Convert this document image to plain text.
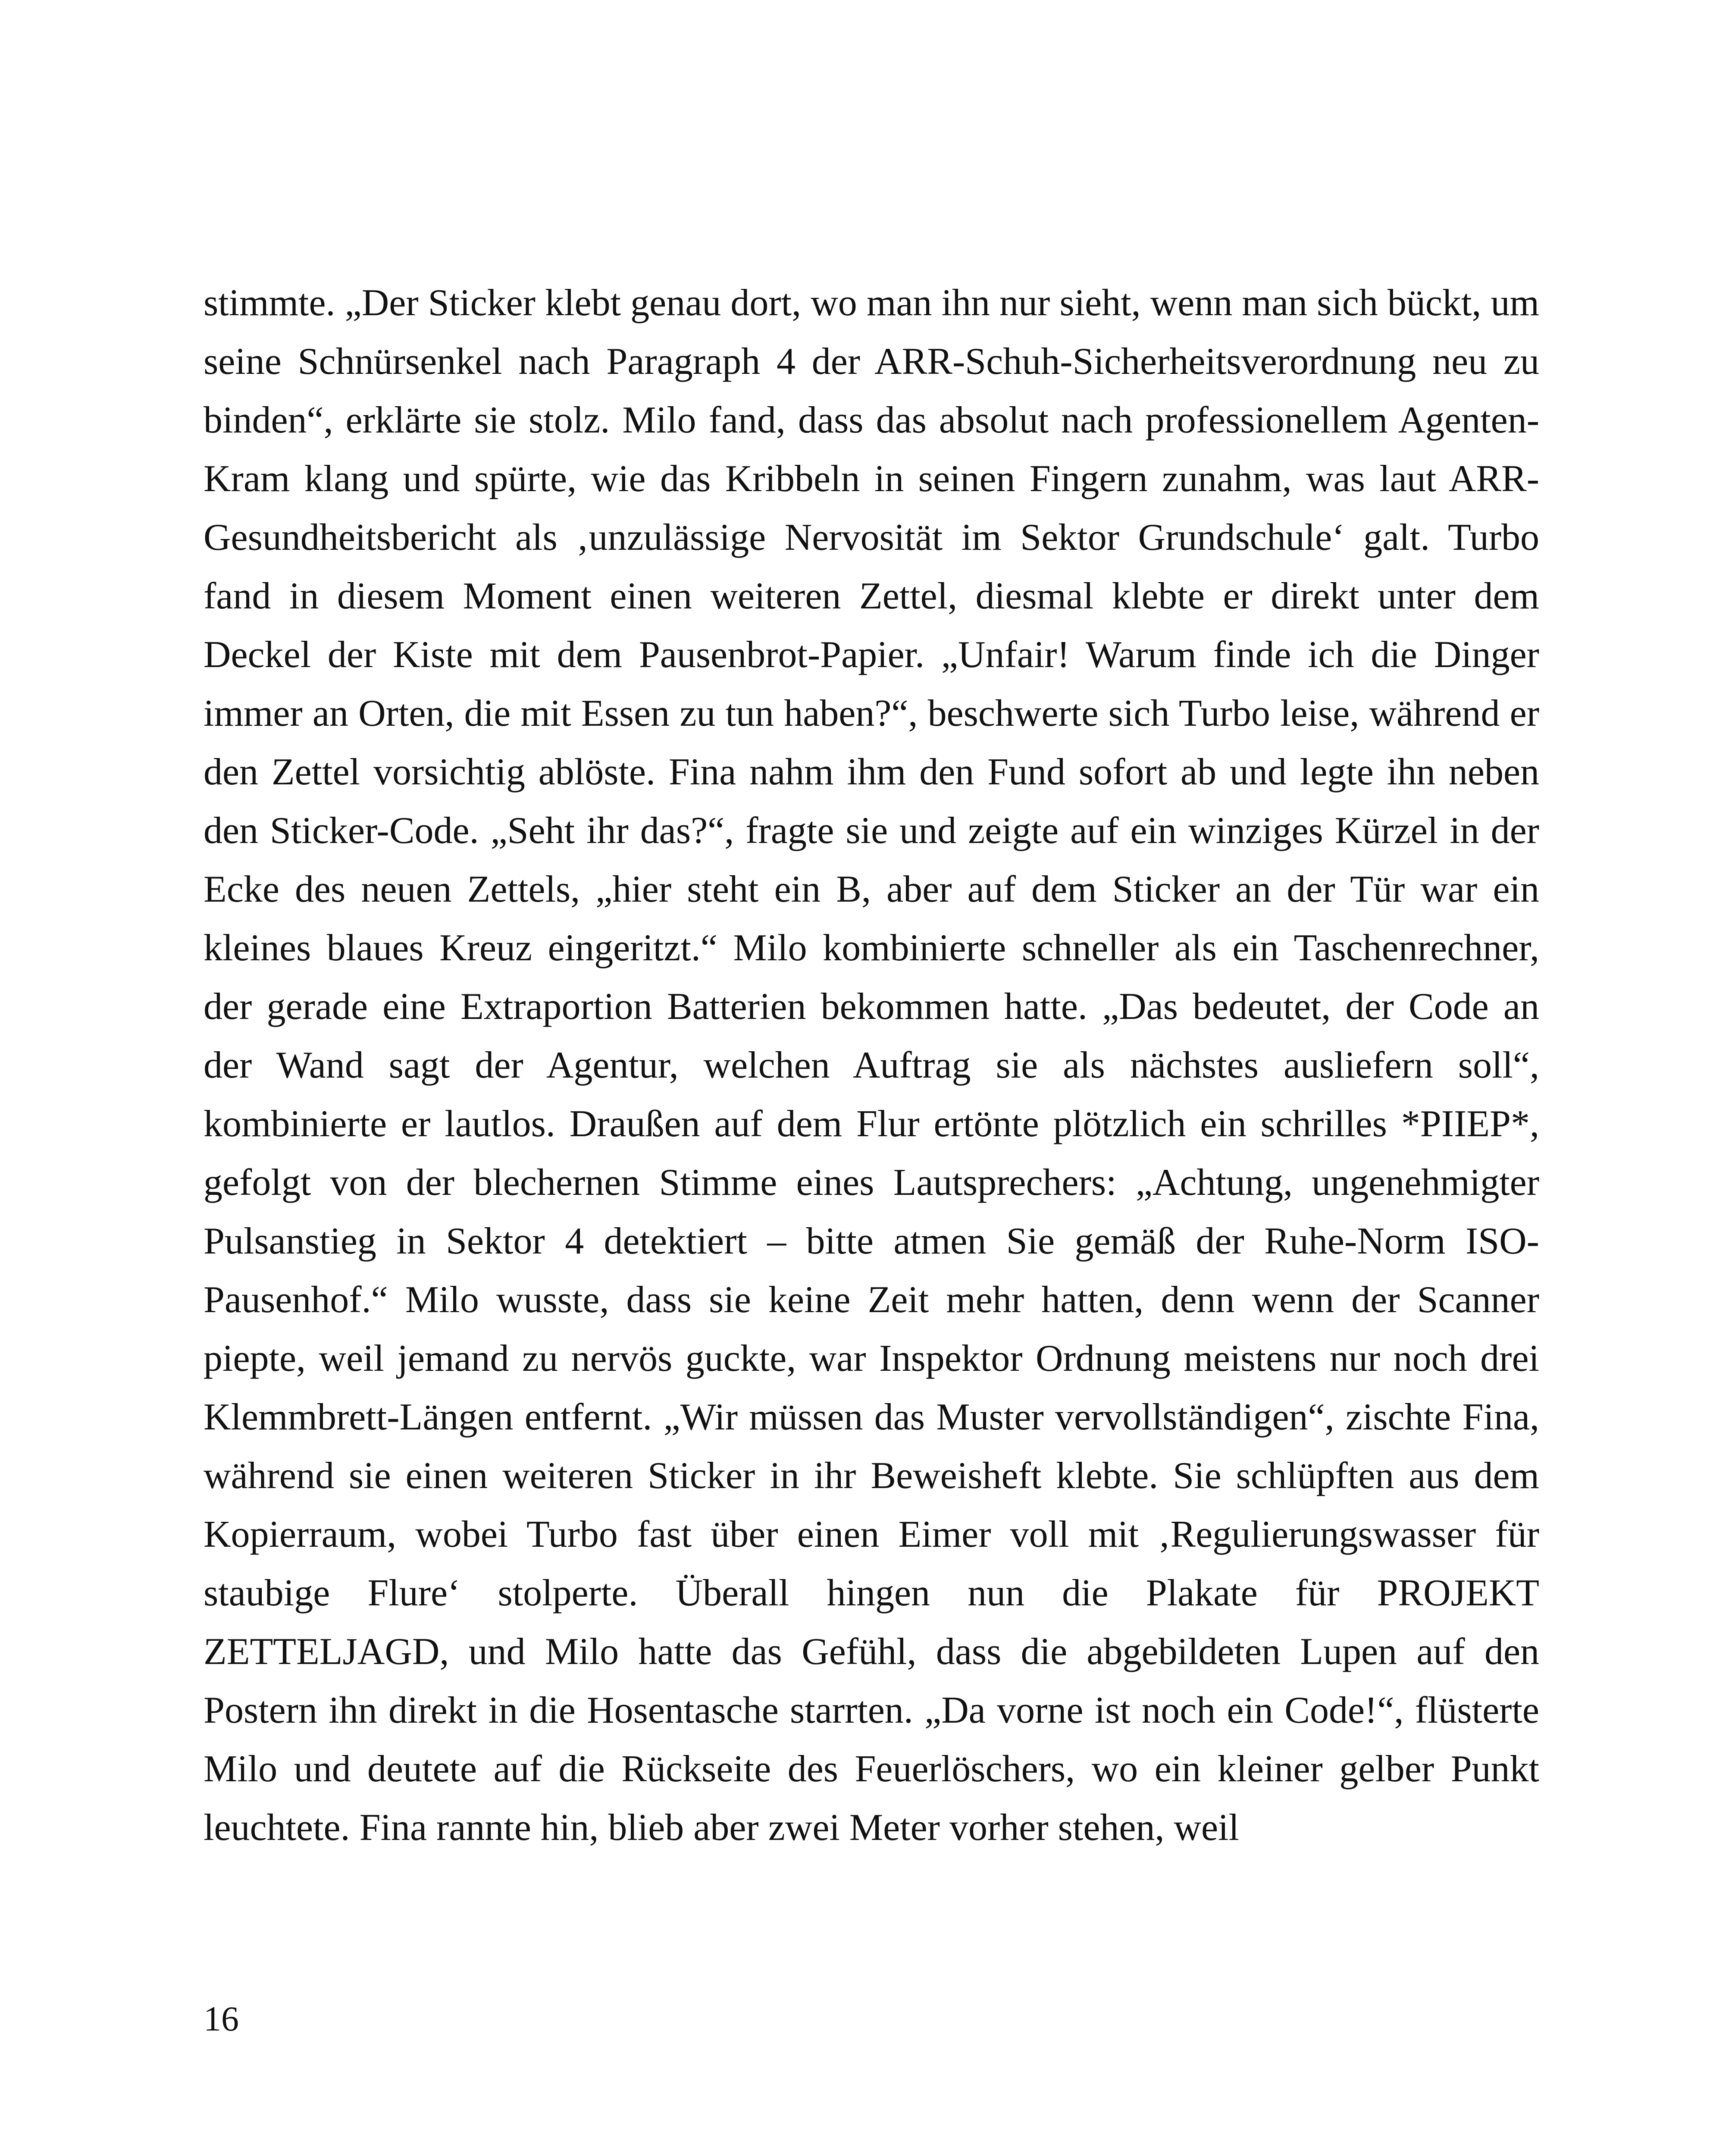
stimmte. „Der Sticker klebt genau dort, wo man ihn nur sieht, wenn man sich bückt, um seine Schnürsenkel nach Paragraph 4 der ARR-Schuh-Sicherheitsverordnung neu zu binden“, erklärte sie stolz. Milo fand, dass das absolut nach professionellem Agenten-Kram klang und spürte, wie das Kribbeln in seinen Fingern zunahm, was laut ARR-Gesundheitsbericht als ‚unzulässige Nervosität im Sektor Grundschule‘ galt. Turbo fand in diesem Moment einen weiteren Zettel, diesmal klebte er direkt unter dem Deckel der Kiste mit dem Pausenbrot-Papier. „Unfair! Warum finde ich die Dinger immer an Orten, die mit Essen zu tun haben?“, beschwerte sich Turbo leise, während er den Zettel vorsichtig ablöste. Fina nahm ihm den Fund sofort ab und legte ihn neben den Sticker-Code. „Seht ihr das?“, fragte sie und zeigte auf ein winziges Kürzel in der Ecke des neuen Zettels, „hier steht ein B, aber auf dem Sticker an der Tür war ein kleines blaues Kreuz eingeritzt.“ Milo kombinierte schneller als ein Taschenrechner, der gerade eine Extraportion Batterien bekommen hatte. „Das bedeutet, der Code an der Wand sagt der Agentur, welchen Auftrag sie als nächstes ausliefern soll“, kombinierte er lautlos. Draußen auf dem Flur ertönte plötzlich ein schrilles *PIIEP*, gefolgt von der blechernen Stimme eines Lautsprechers: „Achtung, ungenehmigter Pulsanstieg in Sektor 4 detektiert – bitte atmen Sie gemäß der Ruhe-Norm ISO-Pausenhof.“ Milo wusste, dass sie keine Zeit mehr hatten, denn wenn der Scanner piepte, weil jemand zu nervös guckte, war Inspektor Ordnung meistens nur noch drei Klemmbrett-Längen entfernt. „Wir müssen das Muster vervollständigen“, zischte Fina, während sie einen weiteren Sticker in ihr Beweisheft klebte. Sie schlüpften aus dem Kopierraum, wobei Turbo fast über einen Eimer voll mit ‚Regulierungswasser für staubige Flure‘ stolperte. Überall hingen nun die Plakate für PROJEKT ZETTELJAGD, und Milo hatte das Gefühl, dass die abgebildeten Lupen auf den Postern ihn direkt in die Hosentasche starrten. „Da vorne ist noch ein Code!“, flüsterte Milo und deutete auf die Rückseite des Feuerlöschers, wo ein kleiner gelber Punkt leuchtete. Fina rannte hin, blieb aber zwei Meter vorher stehen, weil

16
